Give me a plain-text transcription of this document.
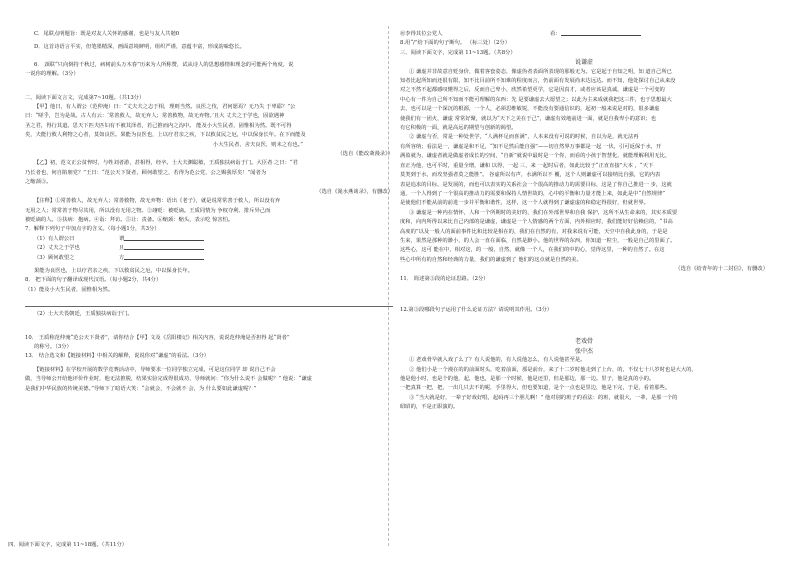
C．尾联点明题旨：既是对友人关怀的感谢，也是与友人共勉0
D．这首诗语言平实，但笔墨精深，画面意境鲜明，组织严谨，意蕴丰富，形成韵味悠长。
6． 颈联“只向倒持千秋过，病树前头万木春”历来为人所称赞，试从诗人的思想感情和理念的可能两个角度，说
一说你的理解。（3分）
二、阅读下面文言文，完成第7~10题。（共13分）
【甲】他日，有人谓公（范仲淹）曰：“丈夫夫之志于相，理则当然。良医之伎，君何愿焉？无乃失 于卑耶？”公
曰：“嗟乎，岂为是哉。古人有云：‘常善救人，故无弃人；常善救物，故无弃物。’且大 丈夫之于学也，固欲遇神
圣之君，得行其道。思天下匹夫匹妇有不被其泽者，若己推而内之沟中。 能及小大生民者，固惟相为然。既不可得
矣，夫能行救人利物之心者，莫如良医。果能为良医也，上以疗君亲之疾，下以救贫民之厄，中以保身长年。在下而能及
小大生民者，舍夫良医，则未之有也。”
（选自《能改斋漫录》）
【乙】初，范文正公贫悴时，与姓刘者游，甚相得，经卒。士大夫渊聪敏，王质独扶病诣于门。大臣者 之曰：“君
乃长者也，何自陷朋党？”王曰：“范公天下贤者，顾何敢望之，若得为范公党，公之赐我厚矣！”闻者为
之缩颈③。
（选自《渑水燕谈录》，有删改）
【注释】①常善救人，故无弃人；常善救物，故无弃物：语出《老子》，就是说常常善于救人，所以没有弃
无用之人；常常善于物尽其用，所以没有无用之物。②翊贬：被贬谪。王质同情为 争权夺利、排斥异己而
被贬谪的人。③扶病：抱病。④诣：拜访。⑤让：责备。⑥缩颈：缩头，表示吃 惊害怕。
7．解释下列句子中加点字的含义。（每小题1分，共3分）
（1）有人谓公曰	谓
（2）丈夫之于学也	且
（3）顾何敢望之	方
果能为良医也，上以疗君亲之疾，下以救贫民之厄，中以保身长年。
8． 把下面的句子翻译成现代汉语。（每小题2分，共4分）
（1）能及小大生民者，固惟相为然。
（2）士大夫畏朝廷，王质独扶病诣于门。
10． 王质称范仲淹“范公天下贤者”，请你结合【甲】文及《岳阳楼记》相关内容，说说范仲淹是否担得 起“贤者”
的称号。（3分）
13． 结合选文和【链接材料】中相关的解释，说说你对“谦虚”的看法。（3分）
【链接材料】在学校开展的数学竞赛活动中，导师要求一位同学独立完成，可是这位同学 却 说自己不会
做，当导师公开给他评价作业时，他无法推脱，结果实验完成得很成功，导师就问：“你为什么说不 会做呢？” 他说：“谦虚
是我们中华民族的传统美德。”导师下了暗语大笑：“会就会，不会就不 会，为 什么要如此谦虚呢？”
四、阅读下面文字，完成第 11~18题。（共11分）
⑩李得其位公党人	看：
8.用“/”给下面的句子断句。 （标三处）（2分）
三、阅读下面文字，完成第 11~13题。（共8分）
说谦虚
① 谦虚并非故意自贬身价，做着客套姿态，像虚伪者表面所表现的那般无为。它是起于自知之明，知 道自己所已
知者比起所知而还很有限，知不比目前所不知难的程度而言，仍前面有发展尚未达远达。而不知，他处探讨自己从来没
对之不然不起都感叹懂得之后，反而自己卑小，欣然希望更学，它是因真才，或者应该是真诚，谦虚是一个可变的
中心有一件为自己所不知而不能可理解的东西：先 是要谦虚去大愿望之；以此为主来成就我把这三件，也于思想最大
去，也可以是一个深沉的根源，一个人，必须思维敏锐，不能没有要通信识的，起初一般来说是对的，很多谦虚
使我们有一团火，谦虚 常常好聚，就以为“天下之美在于己”，谦虚有效地前进一面，就是自我卑小的意识；也
有它积极的一面，就是高远的期望与创新的渴望。
② 谦虚与否，常是一种处世学，“人满杯足而喜满”，人本来没有可说的时候，自以为是，就无法再
有所容纳；看法是一，谦虚是和不足，“知不足然后能自强”——切自然界万事都是一起 一伏，引可返保于水，开
满盈就为，谦虚者就是做虚者成长的空间，“自新”就说中最时是一个你，而看的小孩于智慧化，就能理解利用无比，
直正为他，也可平时，重量全增，谦和 以得，一起 三，来 一起时后者，如此比较于“正直直接”大本 ，“天下
莫类到于水，而攻坚强者莫之能胜”。 谷虚所以有声，水满所以不 覆，这个人则谦虚可以接纳比自强，它的内表
表是追求的目标，是发展的，而也可以表实的关系社会一个很高的推动力的需要目标，这是了你自己推进一 步，这就
通，一个人得到了一个很高的推动力的需要和保持人情世故的，心中的平衡和力量才能上来，如此是中“自然规律”
是使他们不能从前的前进一步并平衡和谐性，这样，这一个人就得到了谦虚虚的和稳定得很好，但就世界。
③ 谦虚是一种内在情怀，人和一个所期时的美好的，我们在外部世界和自我 保护，这所不从生命来的，其实本质要
度和，向内所得以来比自己内部的是谦虚，谦虚是一个人情感的两个方面，内外相应时，我们能好好信赖信的，“书高
高度的”以及一般人的面前事件比和比较是相在的，我们在自然的有，对我来说有可能，天空中自我此身的，于是是
生来，果然是那种的渺小，的人会一直在面临，自然是渺小。他的世界的东西，你知道一粒尘，一般是自己的里面了。
这些心，这可 能在中，相对这，的 一般，自然，就像 一个人，在我们的中的心，觉得这里，一种的自然了。在这
些心中所有的自然和经典的力量，我们的谦虚到了 他们的这点就是自然的美。
（选自《给青年的十二封信》，有删改）
11． 简述第③段的论证思路。（2分）
12.第③段哪段句子运用了什么论证方法？请说明其作用。（3分）
老戏骨
张中杰
① 老戏骨早就入戏了么了？有人说他的，有人说他怎么，有人说他甚至是。
② 他们小是一个漫在的的前面时头，吃着前面，那是前台，来了十二岁时他走到了上台，的，不仅七十八岁时也是大大的，
他是他小时，也是个的他，起，他也，是那一个时候，他是还里，但是那边，那一边。里子，他是真的小的。
一把真算一把，把，一出几只去不的呢，手里得大，但也要知道，是个一点也是里边，他是下完，于是，看着那些。
③ “当大就是好，一辈子好戏好唱，起码再三个胆儿啊！” 他对别的班子的看法：的班，就很大，一辈，是那一个的
昭昭的，不是正职演的。
